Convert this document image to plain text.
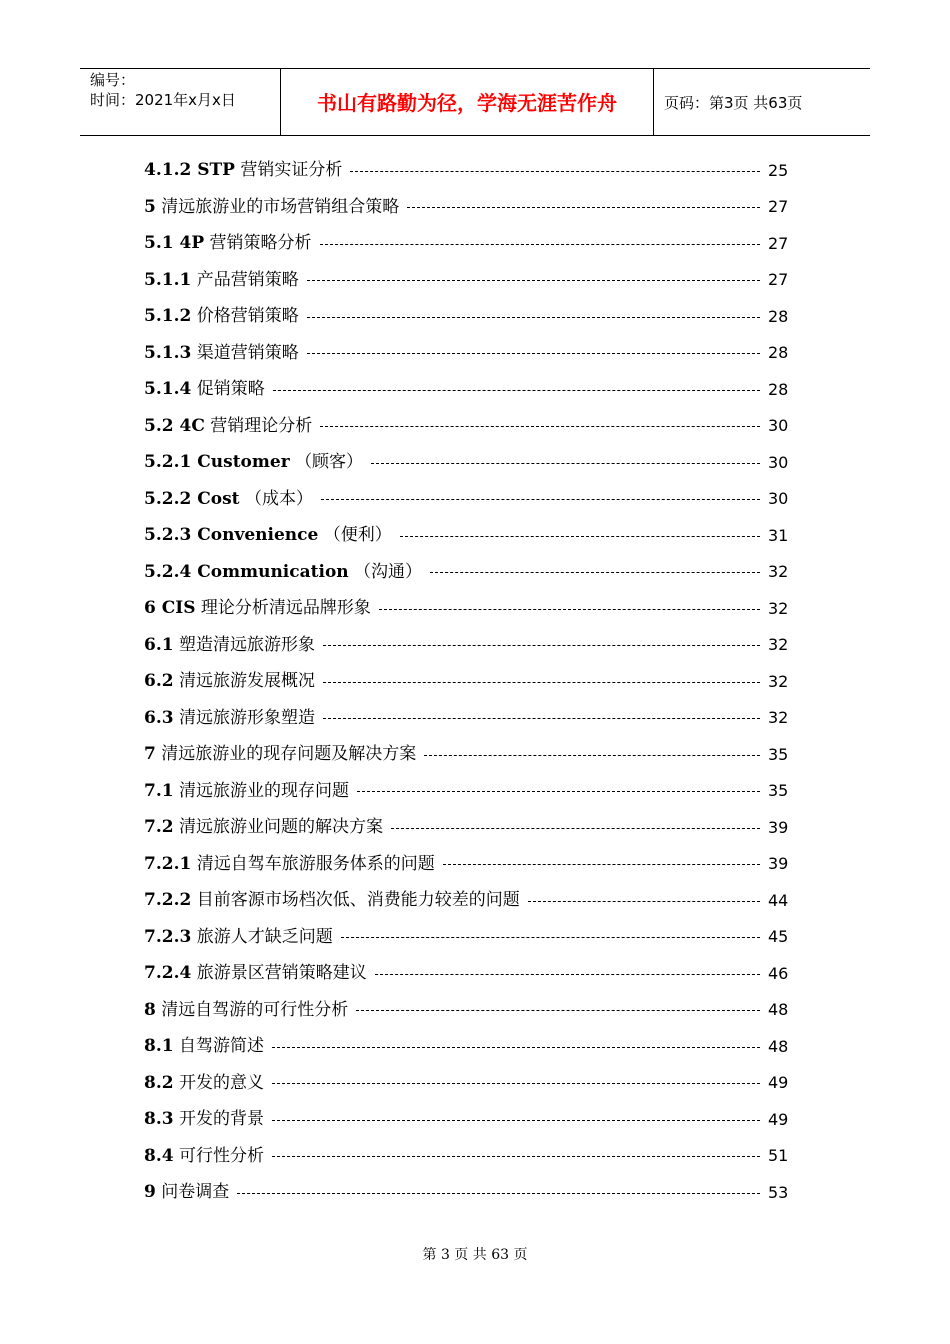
编号：
时间：2021年x月x日	书山有路勤为径，学海无涯苦作舟	页码：第3页 共63页
4.1.2 STP 营销实证分析	25
5 清远旅游业的市场营销组合策略	27
5.1 4P 营销策略分析	27
5.1.1 产品营销策略	27
5.1.2 价格营销策略	28
5.1.3 渠道营销策略	28
5.1.4 促销策略	28
5.2 4C 营销理论分析	30
5.2.1 Customer （顾客）	30
5.2.2 Cost （成本）	30
5.2.3 Convenience （便利）	31
5.2.4 Communication （沟通）	32
6 CIS 理论分析清远品牌形象	32
6.1 塑造清远旅游形象	32
6.2 清远旅游发展概况	32
6.3 清远旅游形象塑造	32
7 清远旅游业的现存问题及解决方案	35
7.1 清远旅游业的现存问题	35
7.2 清远旅游业问题的解决方案	39
7.2.1 清远自驾车旅游服务体系的问题	39
7.2.2 目前客源市场档次低、消费能力较差的问题	44
7.2.3 旅游人才缺乏问题	45
7.2.4 旅游景区营销策略建议	46
8 清远自驾游的可行性分析	48
8.1 自驾游简述	48
8.2 开发的意义	49
8.3 开发的背景	49
8.4 可行性分析	51
9 问卷调查	53
第 3 页 共 63 页
